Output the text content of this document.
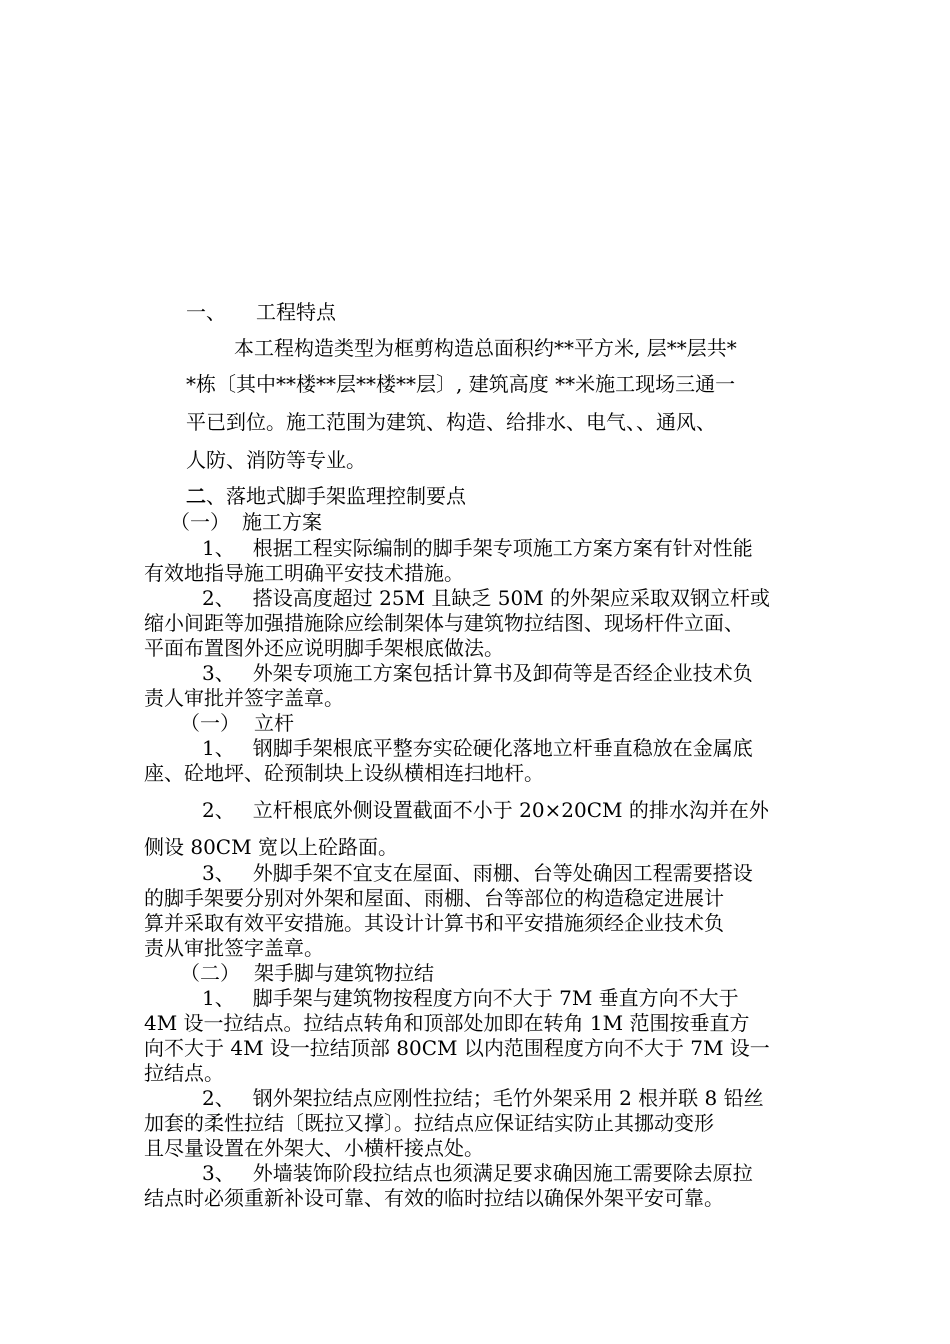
一、 工程特点

本工程构造类型为框剪构造总面积约**平方米, 层**层共*

*栋〔其中**楼**层**楼**层〕, 建筑高度 **米施工现场三通一

平已到位。施工范围为建筑、构造、给排水、电气、、通风、

人防、消防等专业。

二、落地式脚手架监理控制要点
（一） 施工方案
1、 根据工程实际编制的脚手架专项施工方案方案有针对性能

有效地指导施工明确平安技术措施。

2、 搭设高度超过 25M 且缺乏 50M 的外架应采取双钢立杆或

缩小间距等加强措施除应绘制架体与建筑物拉结图、现场杆件立面、

平面布置图外还应说明脚手架根底做法。

3、 外架专项施工方案包括计算书及卸荷等是否经企业技术负

责人审批并签字盖章。

（一） 立杆
1、 钢脚手架根底平整夯实砼硬化落地立杆垂直稳放在金属底

座、砼地坪、砼预制块上设纵横相连扫地杆。

2、 立杆根底外侧设置截面不小于 20×20CM 的排水沟并在外

侧设 80CM 宽以上砼路面。

3、 外脚手架不宜支在屋面、雨棚、台等处确因工程需要搭设

的脚手架要分别对外架和屋面、雨棚、台等部位的构造稳定进展计

算并采取有效平安措施。其设计计算书和平安措施须经企业技术负

责从审批签字盖章。

（二） 架手脚与建筑物拉结
1、 脚手架与建筑物按程度方向不大于 7M 垂直方向不大于

4M 设一拉结点。拉结点转角和顶部处加即在转角 1M 范围按垂直方

向不大于 4M 设一拉结顶部 80CM 以内范围程度方向不大于 7M 设一

拉结点。

2、 钢外架拉结点应刚性拉结；毛竹外架采用 2 根并联 8 铅丝

加套的柔性拉结〔既拉又撑〕。拉结点应保证结实防止其挪动变形

且尽量设置在外架大、小横杆接点处。

3、 外墙装饰阶段拉结点也须满足要求确因施工需要除去原拉

结点时必须重新补设可靠、有效的临时拉结以确保外架平安可靠。
